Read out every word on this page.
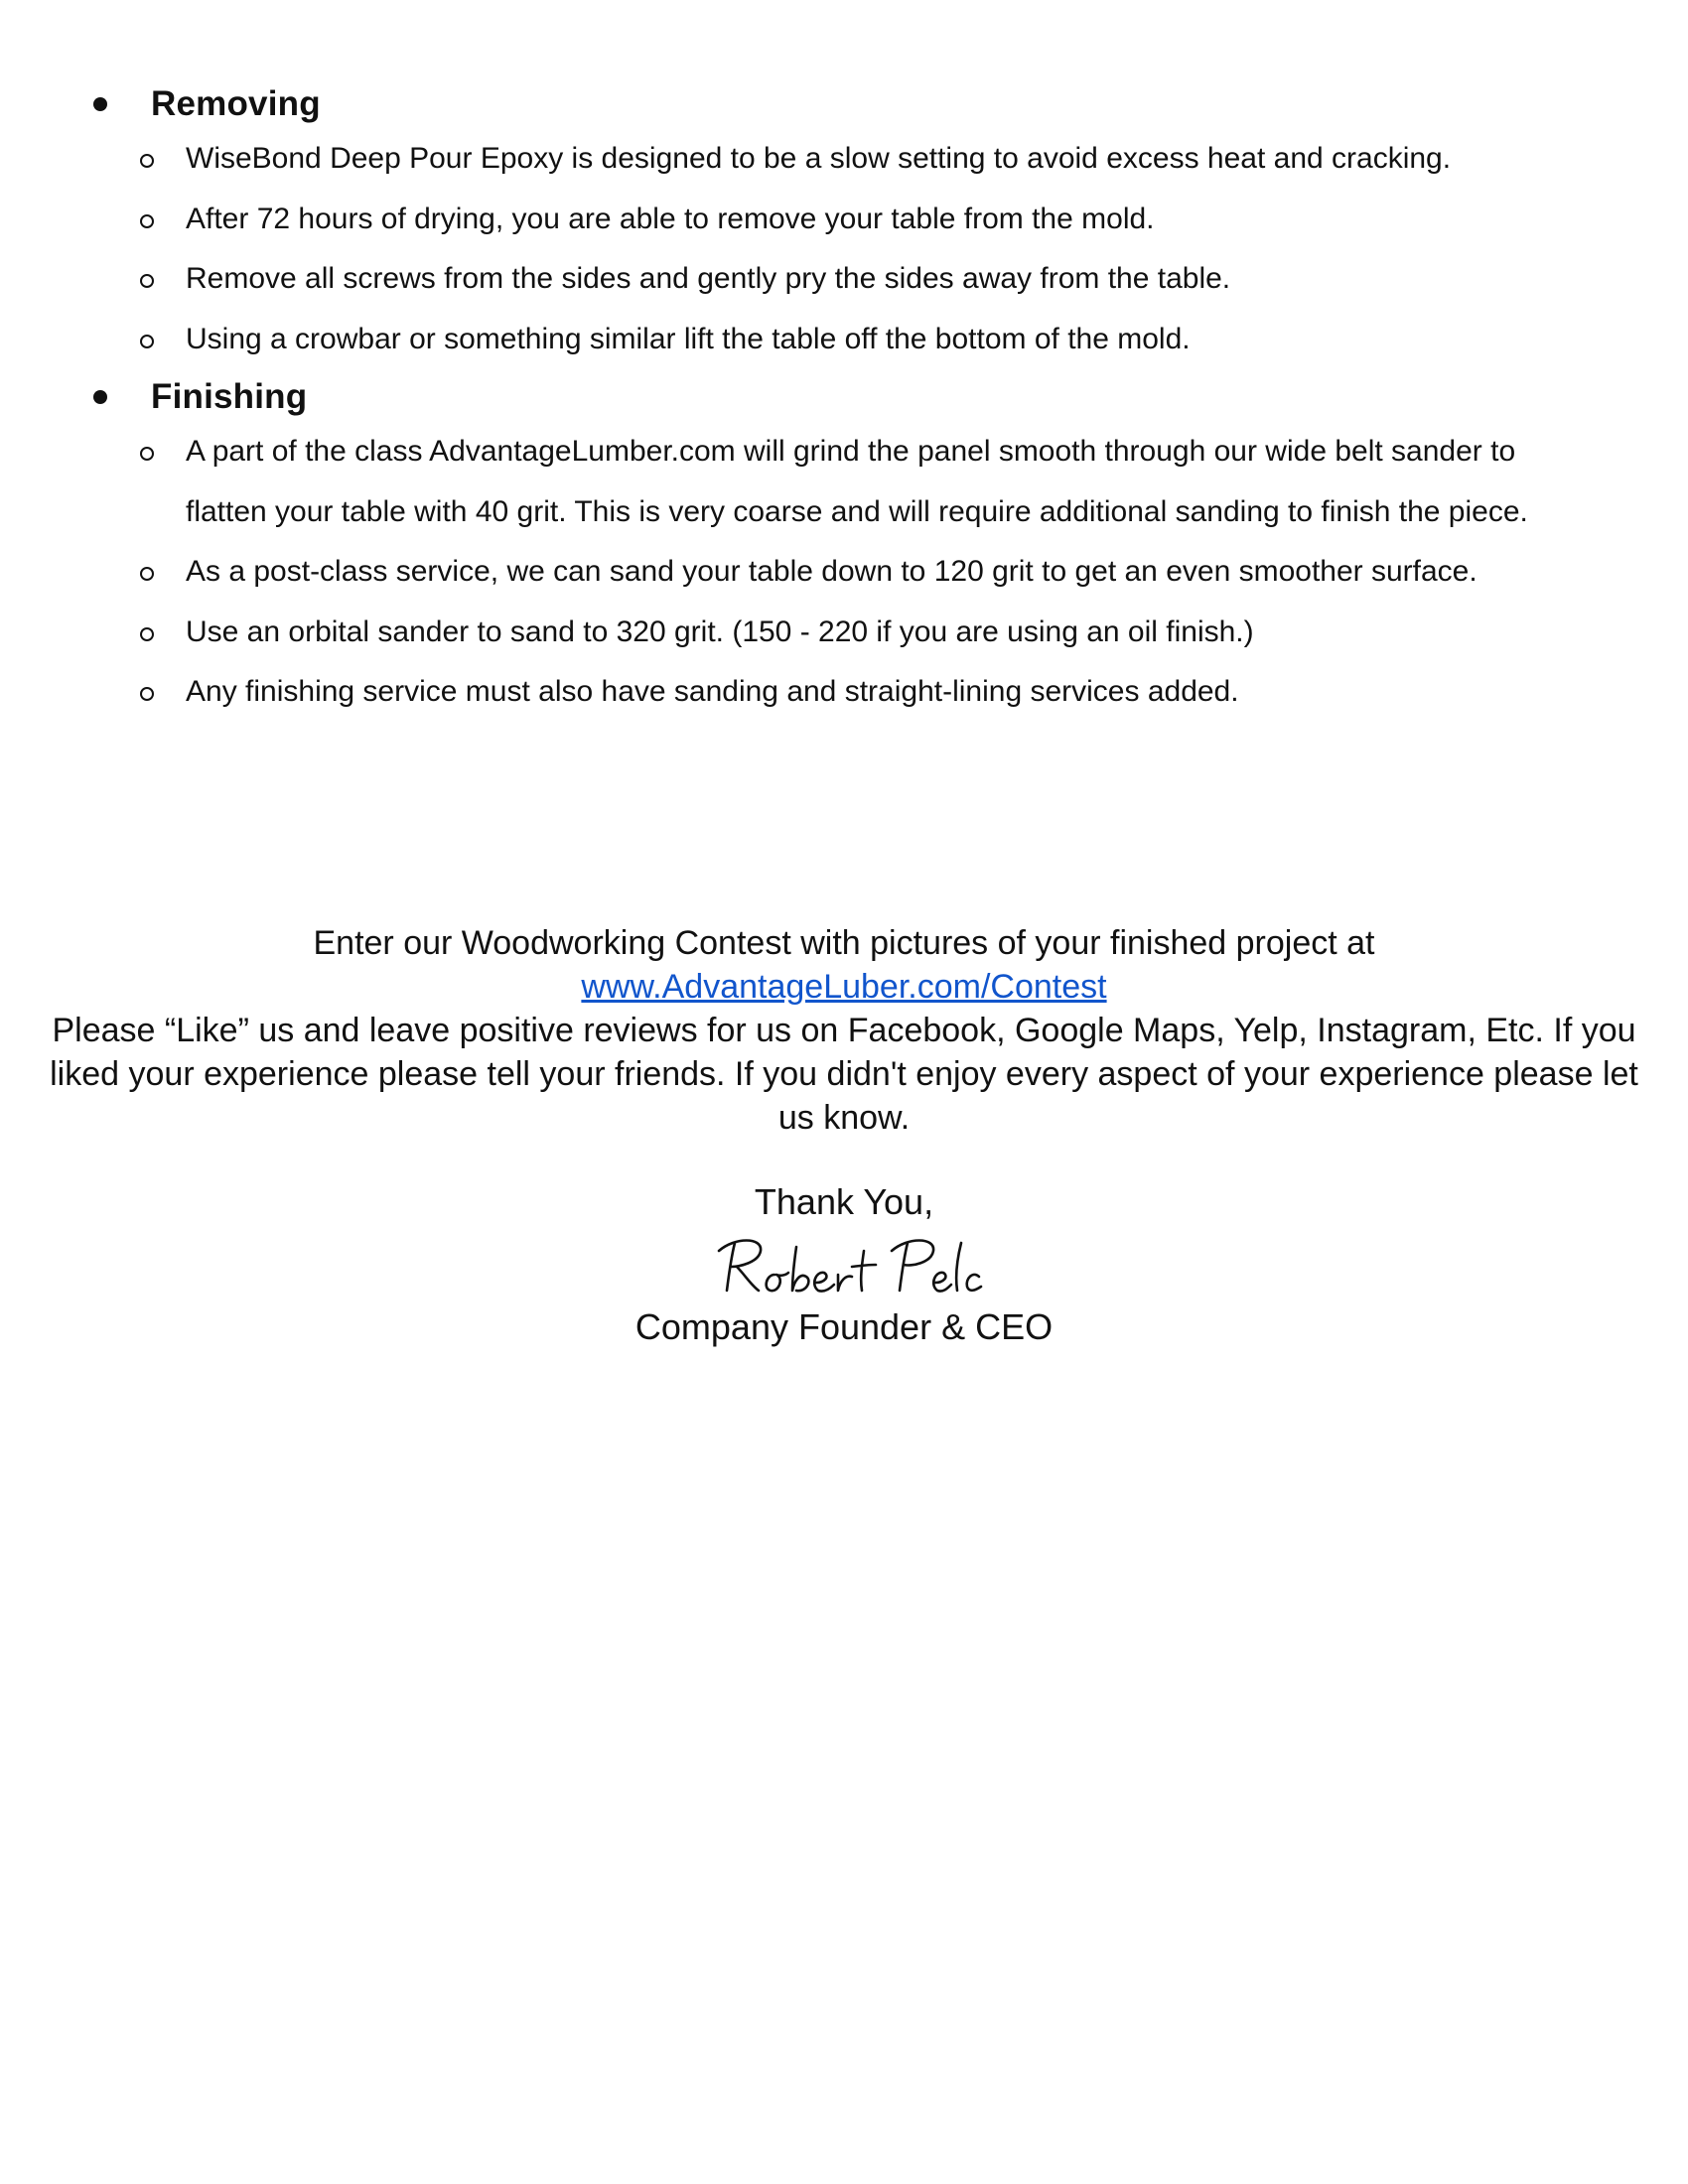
Removing
WiseBond Deep Pour Epoxy is designed to be a slow setting to avoid excess heat and cracking.
After 72 hours of drying, you are able to remove your table from the mold.
Remove all screws from the sides and gently pry the sides away from the table.
Using a crowbar or something similar lift the table off the bottom of the mold.
Finishing
A part of the class AdvantageLumber.com will grind the panel smooth through our wide belt sander to flatten your table with 40 grit. This is very coarse and will require additional sanding to finish the piece.
As a post-class service, we can sand your table down to 120 grit to get an even smoother surface.
Use an orbital sander to sand to 320 grit. (150 - 220 if you are using an oil finish.)
Any finishing service must also have sanding and straight-lining services added.

Enter our Woodworking Contest with pictures of your finished project at

www.AdvantageLuber.com/Contest

Please “Like” us and leave positive reviews for us on Facebook, Google Maps, Yelp, Instagram, Etc. If you liked your experience please tell your friends. If you didn't enjoy every aspect of your experience please let us know.

Thank You,
Company Founder & CEO
